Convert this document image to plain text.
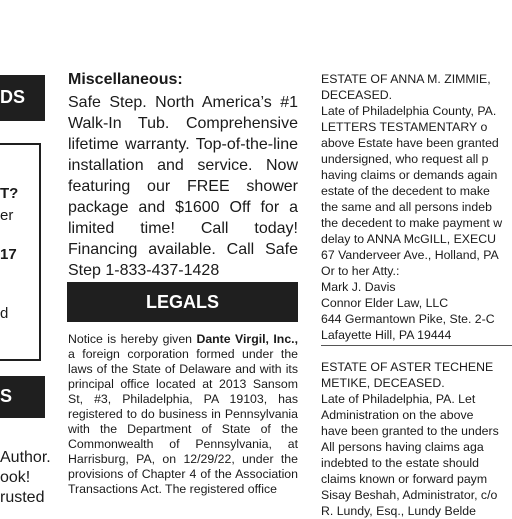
DS
T?
er
17
d
S
Author.
ook!
rusted
Miscellaneous:
Safe Step. North America’s #1 Walk-In Tub. Comprehensive lifetime warranty. Top-of-the-line installation and service. Now featuring our FREE shower package and $1600 Off for a limited time! Call today! Financing available. Call Safe Step 1-833-437-1428
LEGALS
Notice is hereby given Dante Virgil, Inc., a foreign corporation formed under the laws of the State of Delaware and with its principal office located at 2013 Sansom St, #3, Philadelphia, PA 19103, has registered to do business in Pennsylvania with the Department of State of the Commonwealth of Pennsylvania, at Harrisburg, PA, on 12/29/22, under the provisions of Chapter 4 of the Association Transactions Act. The registered office
ESTATE OF ANNA M. ZIMMIE,
DECEASED.
Late of Philadelphia County, PA.
LETTERS TESTAMENTARY o
above Estate have been granted
undersigned, who request all p
having claims or demands again
estate of the decedent to make
the same and all persons indeb
the decedent to make payment w
delay to ANNA McGILL, EXECU
67 Vanderveer Ave., Holland, PA
Or to her Atty.:
Mark J. Davis
Connor Elder Law, LLC
644 Germantown Pike, Ste. 2-C
Lafayette Hill, PA 19444
ESTATE OF ASTER TECHENE
METIKE, DECEASED.
Late of Philadelphia, PA. Let
Administration on the above
have been granted to the unders
All persons having claims aga
indebted to the estate should
claims known or forward paym
Sisay Beshah, Administrator, c/o
R. Lundy, Esq., Lundy Belde
